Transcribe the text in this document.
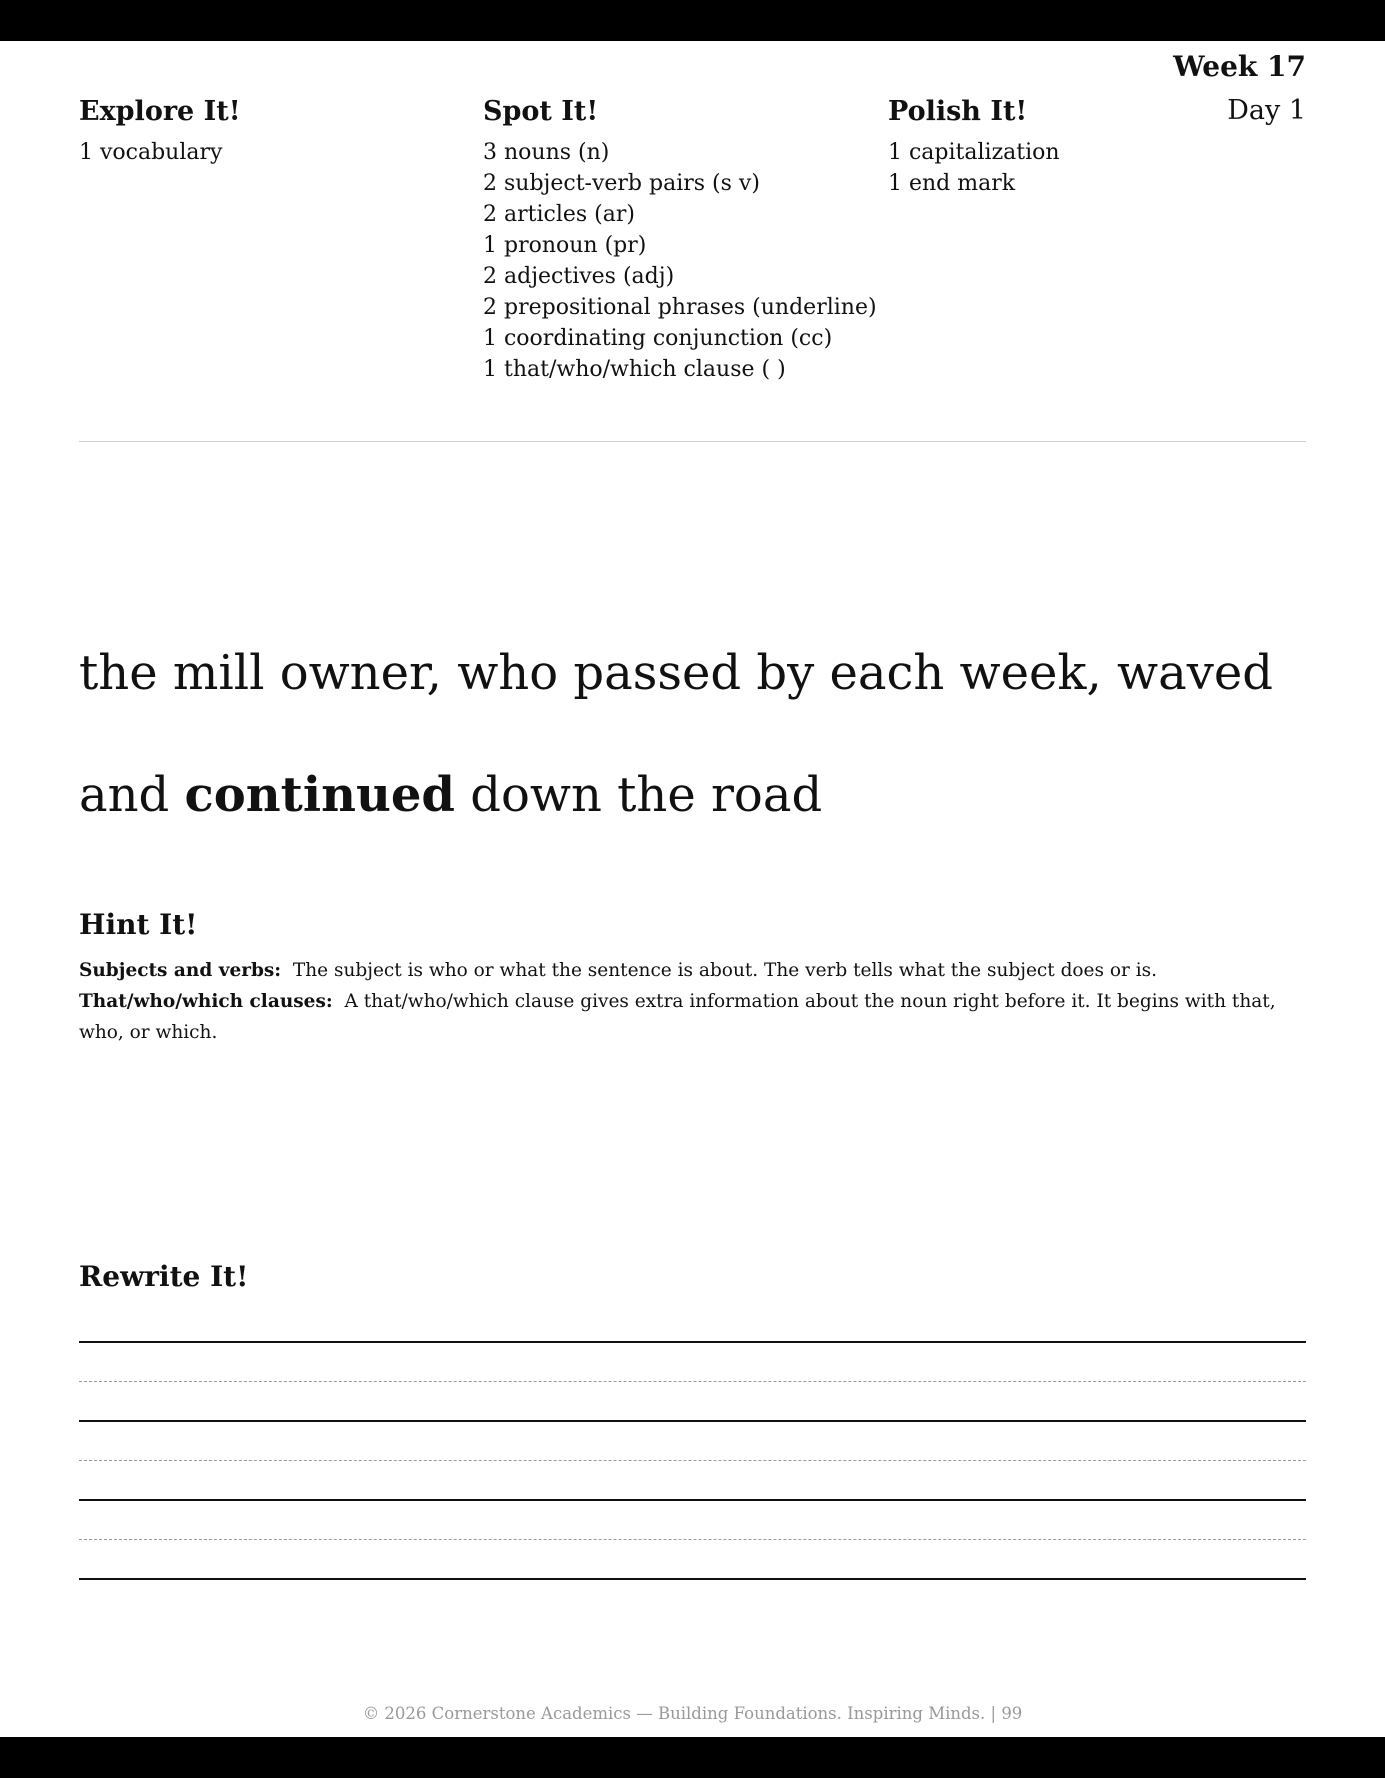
Week 17
Day 1
Explore It!
1 vocabulary
Spot It!
3 nouns (n)
2 subject-verb pairs (s v)
2 articles (ar)
1 pronoun (pr)
2 adjectives (adj)
2 prepositional phrases (underline)
1 coordinating conjunction (cc)
1 that/who/which clause ( )
Polish It!
1 capitalization
1 end mark
the mill owner, who passed by each week, waved and continued down the road
Hint It!
Subjects and verbs: The subject is who or what the sentence is about. The verb tells what the subject does or is.
That/who/which clauses: A that/who/which clause gives extra information about the noun right before it. It begins with that, who, or which.
Rewrite It!
© 2026 Cornerstone Academics — Building Foundations. Inspiring Minds. | 99
